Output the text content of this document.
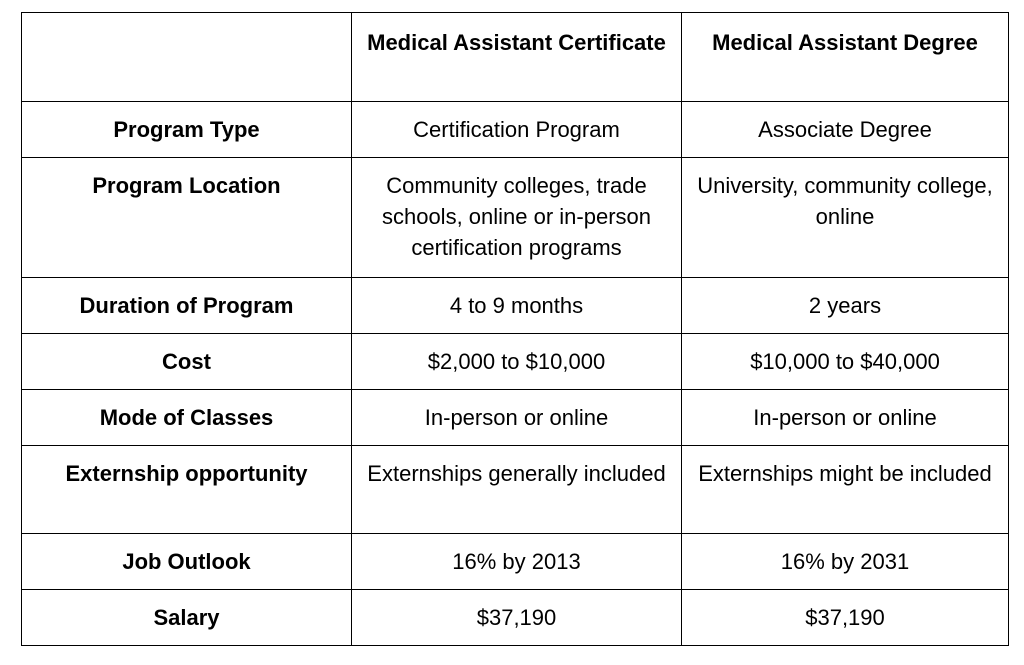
	Medical Assistant Certificate	Medical Assistant Degree
Program Type	Certification Program	Associate Degree
Program Location	Community colleges, trade schools, online or in-person certification programs	University, community college, online
Duration of Program	4 to 9 months	2 years
Cost	$2,000 to $10,000	$10,000 to $40,000
Mode of Classes	In-person or online	In-person or online
Externship opportunity	Externships generally included	Externships might be included
Job Outlook	16% by 2013	16% by 2031
Salary	$37,190	$37,190
